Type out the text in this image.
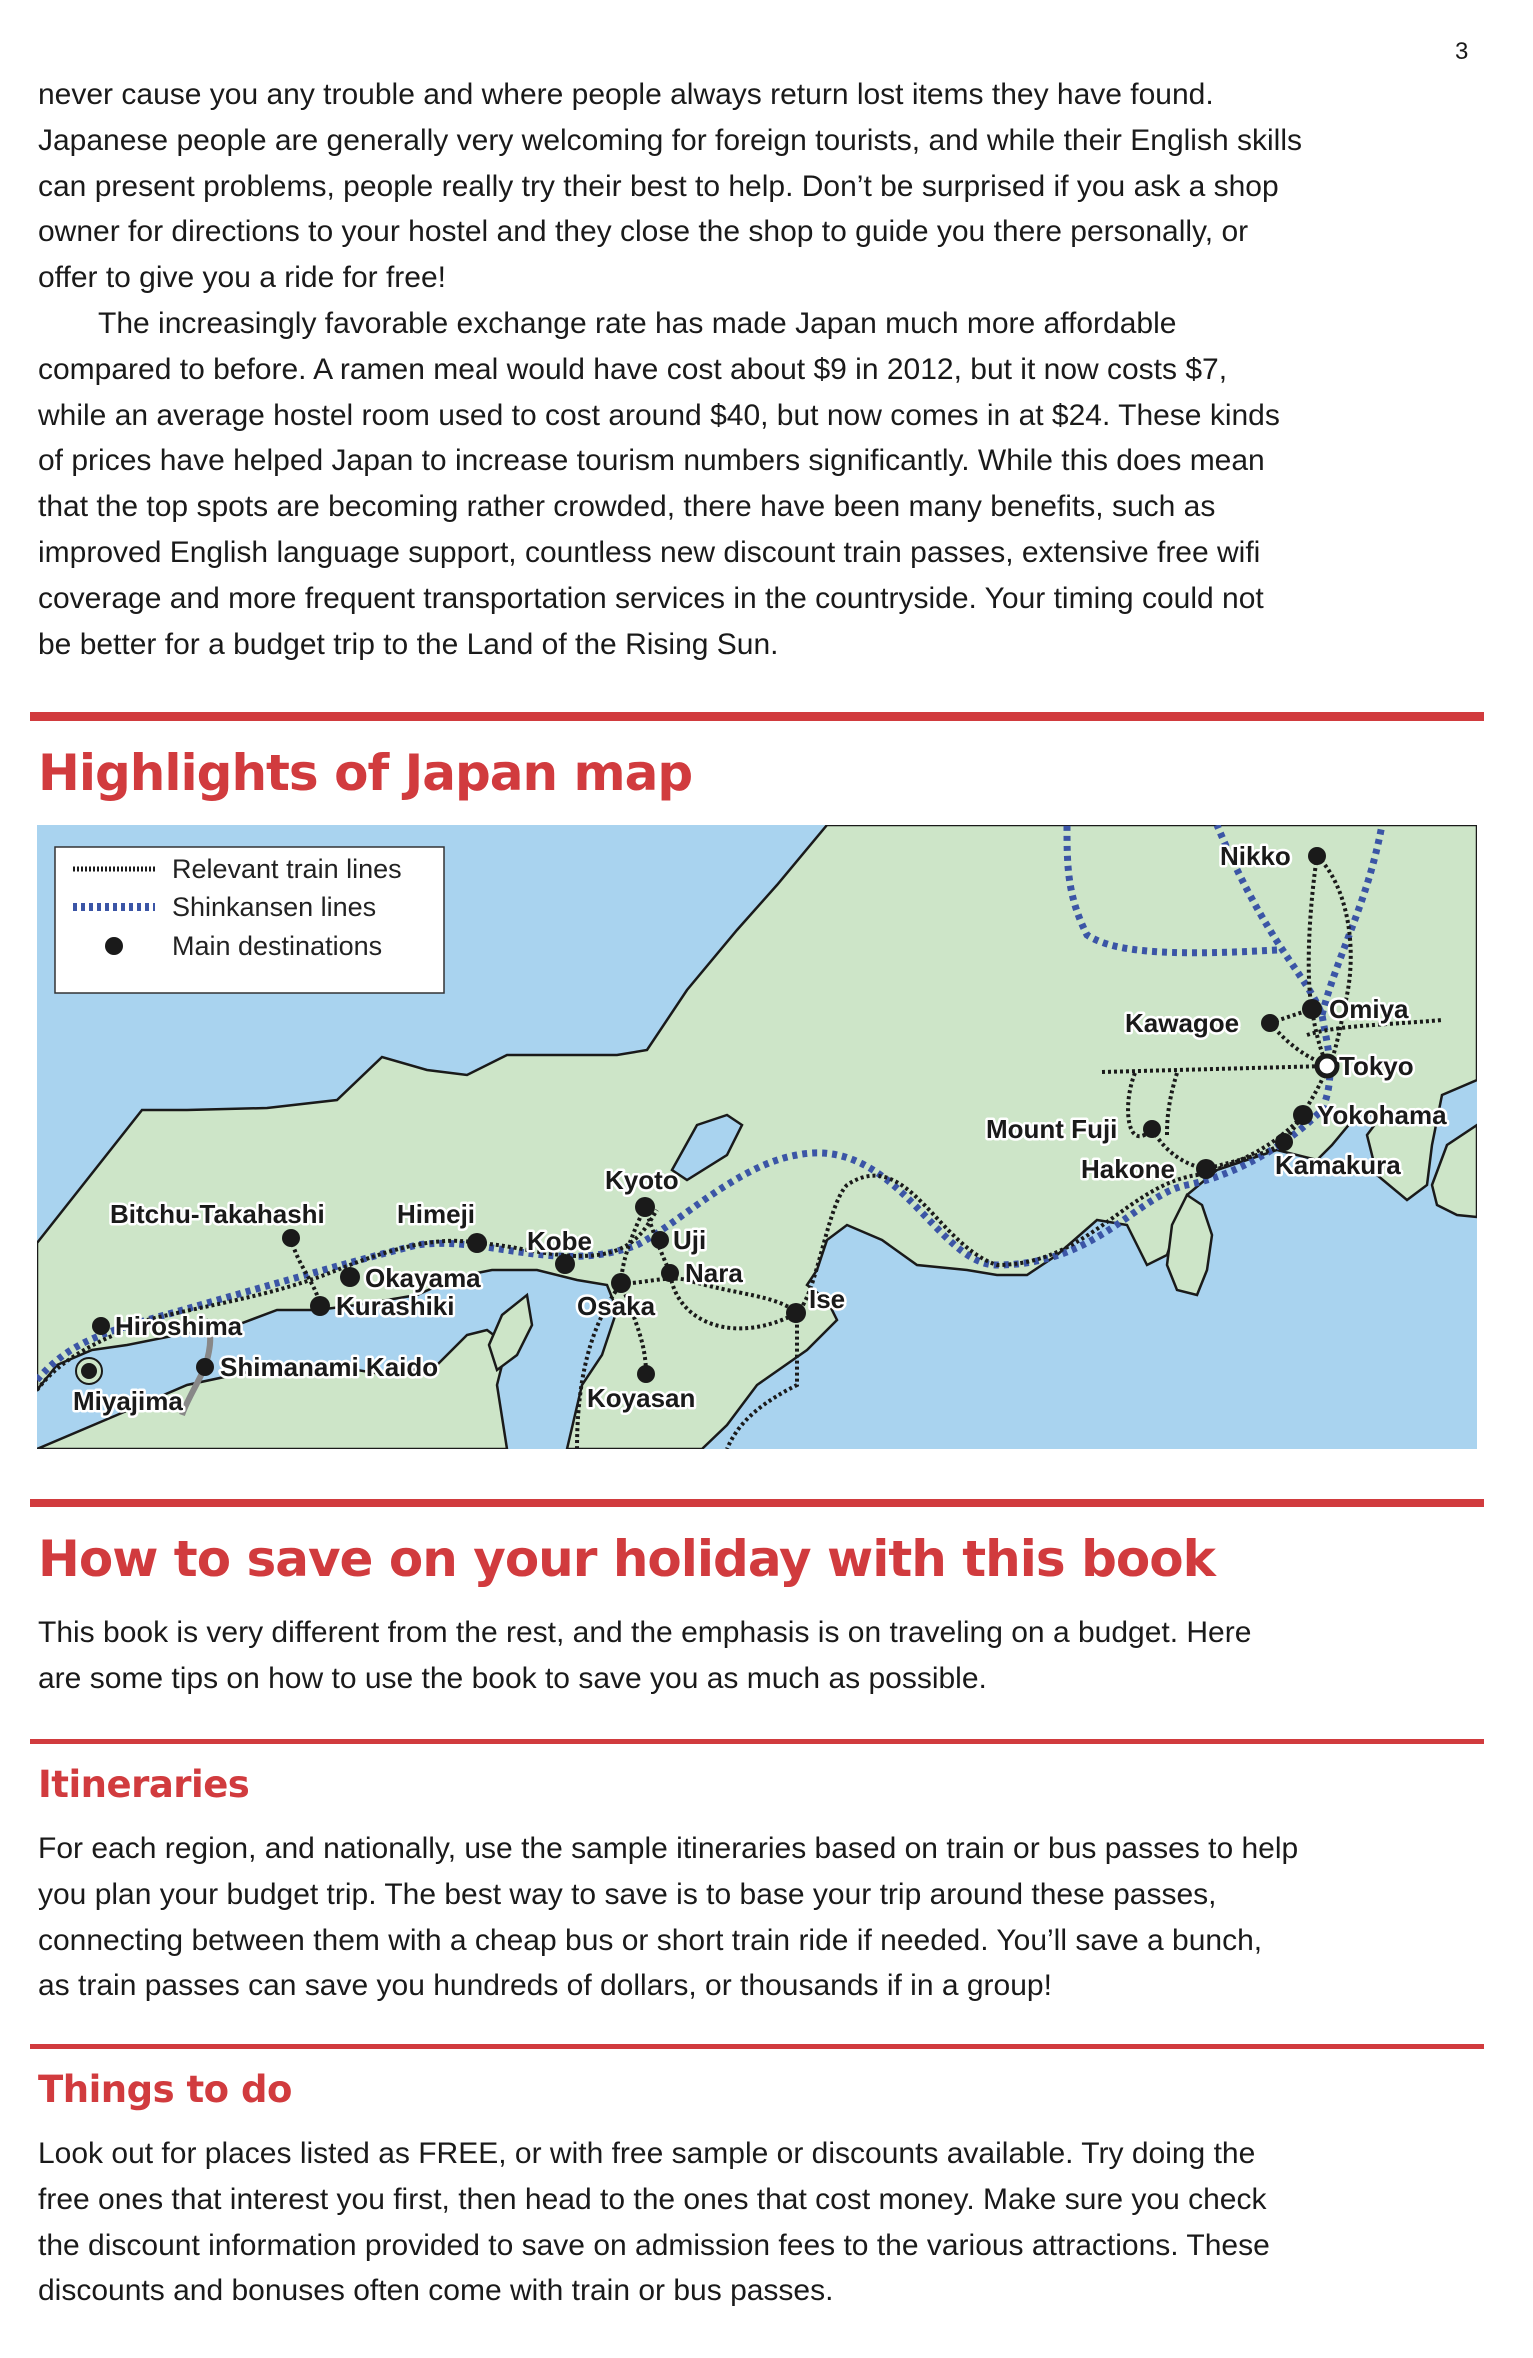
3
never cause you any trouble and where people always return lost items they have found.
Japanese people are generally very welcoming for foreign tourists, and while their English skills
can present problems, people really try their best to help. Don’t be surprised if you ask a shop
owner for directions to your hostel and they close the shop to guide you there personally, or
offer to give you a ride for free!
The increasingly favorable exchange rate has made Japan much more affordable
compared to before. A ramen meal would have cost about $9 in 2012, but it now costs $7,
while an average hostel room used to cost around $40, but now comes in at $24. These kinds
of prices have helped Japan to increase tourism numbers significantly. While this does mean
that the top spots are becoming rather crowded, there have been many benefits, such as
improved English language support, countless new discount train passes, extensive free wifi
coverage and more frequent transportation services in the countryside. Your timing could not
be better for a budget trip to the Land of the Rising Sun.
Highlights of Japan map
Nikko
Omiya
Kawagoe
Tokyo
Yokohama
Kamakura
Mount Fuji
Hakone
Ise
Kyoto
Uji
Nara
Osaka
Kobe
Himeji
Okayama
Kurashiki
Bitchu-Takahashi
Hiroshima
Shimanami Kaido
Miyajima	Koyasan
Relevant train lines
Shinkansen lines
Main destinations
How to save on your holiday with this book
This book is very different from the rest, and the emphasis is on traveling on a budget. Here
are some tips on how to use the book to save you as much as possible.
Itineraries
For each region, and nationally, use the sample itineraries based on train or bus passes to help
you plan your budget trip. The best way to save is to base your trip around these passes,
connecting between them with a cheap bus or short train ride if needed. You’ll save a bunch,
as train passes can save you hundreds of dollars, or thousands if in a group!
Things to do
Look out for places listed as FREE, or with free sample or discounts available. Try doing the
free ones that interest you first, then head to the ones that cost money. Make sure you check
the discount information provided to save on admission fees to the various attractions. These
discounts and bonuses often come with train or bus passes.
